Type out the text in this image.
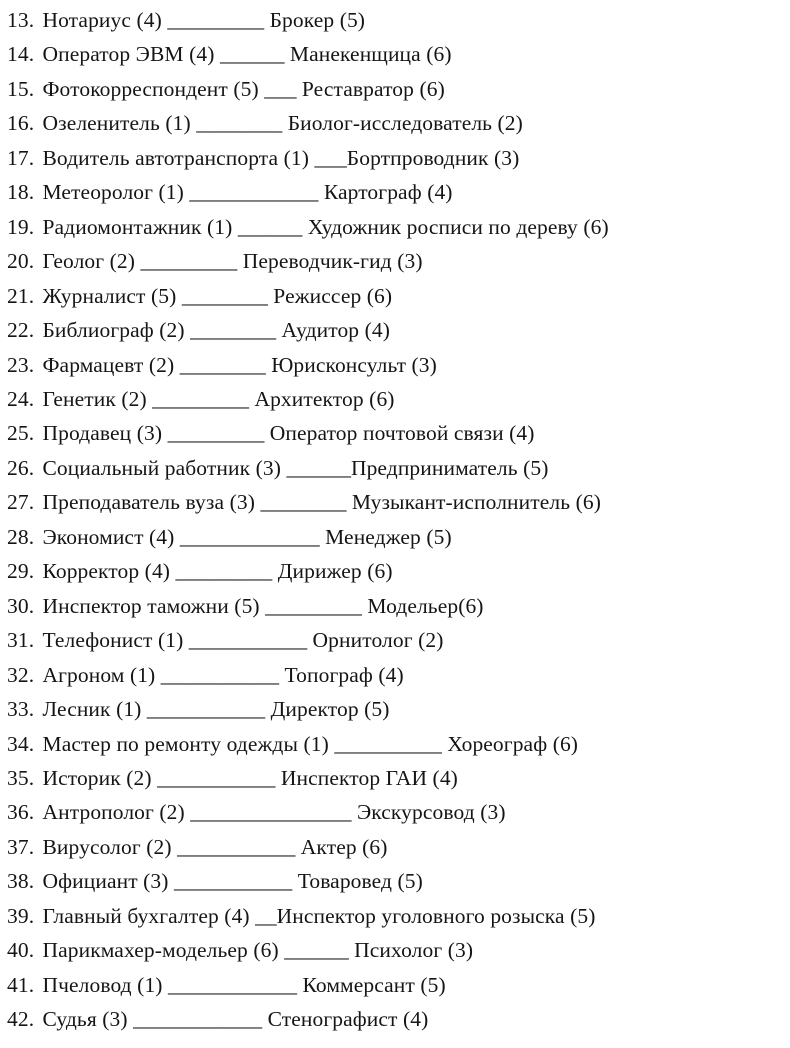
13. Нотариус (4) _________ Брокер (5)
14. Оператор ЭВМ (4) ______ Манекенщица (6)
15. Фотокорреспондент (5) ___ Реставратор (6)
16. Озеленитель (1) ________ Биолог-исследователь (2)
17. Водитель автотранспорта (1) ___Бортпроводник (3)
18. Метеоролог (1) ____________ Картограф (4)
19. Радиомонтажник (1) ______ Художник росписи по дереву (6)
20. Геолог (2) _________ Переводчик-гид (3)
21. Журналист (5) ________ Режиссер (6)
22. Библиограф (2) ________ Аудитор (4)
23. Фармацевт (2) ________ Юрисконсульт (3)
24. Генетик (2) _________ Архитектор (6)
25. Продавец (3) _________ Оператор почтовой связи (4)
26. Социальный работник (3) ______Предприниматель (5)
27. Преподаватель вуза (3) ________ Музыкант-исполнитель (6)
28. Экономист (4) _____________ Менеджер (5)
29. Корректор (4) _________ Дирижер (6)
30. Инспектор таможни (5) _________ Модельер(6)
31. Телефонист (1) ___________ Орнитолог (2)
32. Агроном (1) ___________ Топограф (4)
33. Лесник (1) ___________ Директор (5)
34. Мастер по ремонту одежды (1) __________ Хореограф (6)
35. Историк (2) ___________ Инспектор ГАИ (4)
36. Антрополог (2) _______________ Экскурсовод (3)
37. Вирусолог (2) ___________ Актер (6)
38. Официант (3) ___________ Товаровед (5)
39. Главный бухгалтер (4) __Инспектор уголовного розыска (5)
40. Парикмахер-модельер (6) ______ Психолог (3)
41. Пчеловод (1) ____________ Коммерсант (5)
42. Судья (3) ____________ Стенографист (4)
